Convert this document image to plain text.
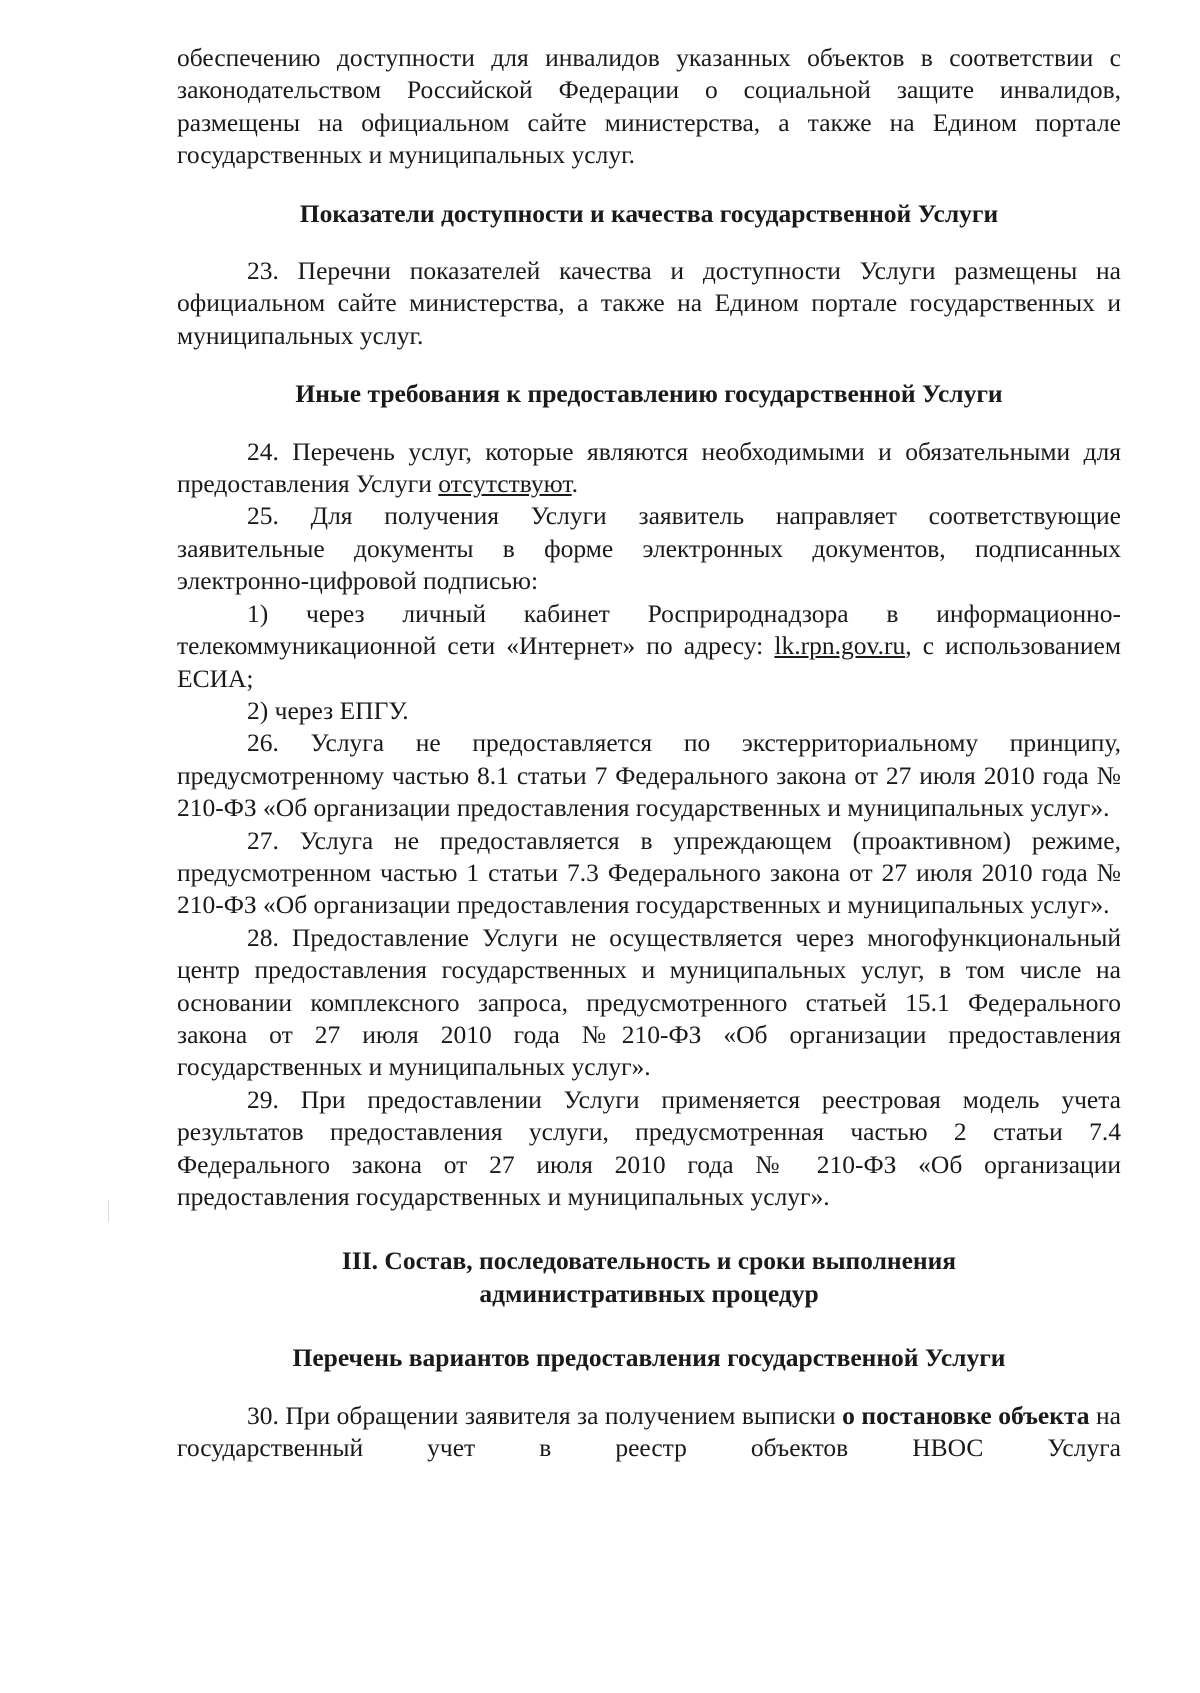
обеспечению доступности для инвалидов указанных объектов в соответствии с законодательством Российской Федерации о социальной защите инвалидов, размещены на официальном сайте министерства, а также на Едином портале государственных и муниципальных услуг.

Показатели доступности и качества государственной Услуги

23. Перечни показателей качества и доступности Услуги размещены на официальном сайте министерства, а также на Едином портале государственных и муниципальных услуг.

Иные требования к предоставлению государственной Услуги

24. Перечень услуг, которые являются необходимыми и обязательными для предоставления Услуги отсутствуют.

25. Для получения Услуги заявитель направляет соответствующие заявительные документы в форме электронных документов, подписанных электронно-цифровой подписью:

1) через личный кабинет Росприроднадзора в информационно-телекоммуникационной сети «Интернет» по адресу: lk.rpn.gov.ru, с использованием ЕСИА;

2) через ЕПГУ.

26. Услуга не предоставляется по экстерриториальному принципу, предусмотренному частью 8.1 статьи 7 Федерального закона от 27 июля 2010 года № 210-ФЗ «Об организации предоставления государственных и муниципальных услуг».

27. Услуга не предоставляется в упреждающем (проактивном) режиме, предусмотренном частью 1 статьи 7.3 Федерального закона от 27 июля 2010 года № 210-ФЗ «Об организации предоставления государственных и муниципальных услуг».

28. Предоставление Услуги не осуществляется через многофункциональный центр предоставления государственных и муниципальных услуг, в том числе на основании комплексного запроса, предусмотренного статьей 15.1 Федерального закона от 27 июля 2010 года №210-ФЗ «Об организации предоставления государственных и муниципальных услуг».

29. При предоставлении Услуги применяется реестровая модель учета результатов предоставления услуги, предусмотренная частью 2 статьи 7.4 Федерального закона от 27 июля 2010 года № 210-ФЗ «Об организации предоставления государственных и муниципальных услуг».

III. Состав, последовательность и сроки выполнения
административных процедур
Перечень вариантов предоставления государственной Услуги

30. При обращении заявителя за получением выписки о постановке объекта на государственный учет в реестр объектов НВОС Услуга
